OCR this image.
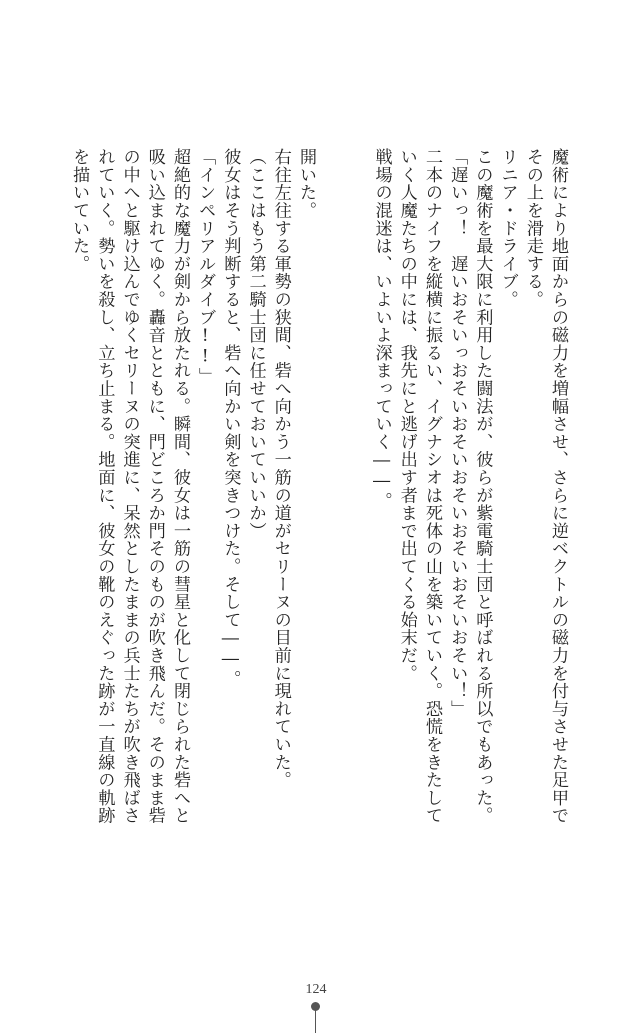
魔術により地面からの磁力を増幅させ、さらに逆ベクトルの磁力を付与させた足甲でその上を滑走する。
リニア・ドライブ。
この魔術を最大限に利用した闘法が、彼らが紫電騎士団と呼ばれる所以でもあった。
「遅いっ！　遅いおそいっおそいおそいおそいおそいおそいおそい！」
二本のナイフを縦横に振るい、イグナシオは死体の山を築いていく。恐慌をきたしていく人魔たちの中には、我先にと逃げ出す者まで出てくる始末だ。
戦場の混迷は、いよいよ深まっていく――。

開いた。
右往左往する軍勢の狭間、砦へ向かう一筋の道がセリーヌの目前に現れていた。
（ここはもう第二騎士団に任せておいていいか）
彼女はそう判断すると、砦へ向かい剣を突きつけた。そして――。
「インペリアルダイブ!!」
超絶的な魔力が剣から放たれる。瞬間、彼女は一筋の彗星と化して閉じられた砦へと吸い込まれてゆく。轟音とともに、門どころか門そのものが吹き飛んだ。そのまま砦の中へと駆け込んでゆくセリーヌの突進に、呆然としたままの兵士たちが吹き飛ばされていく。勢いを殺し、立ち止まる。地面に、彼女の靴のえぐった跡が一直線の軌跡を描いていた。

124
